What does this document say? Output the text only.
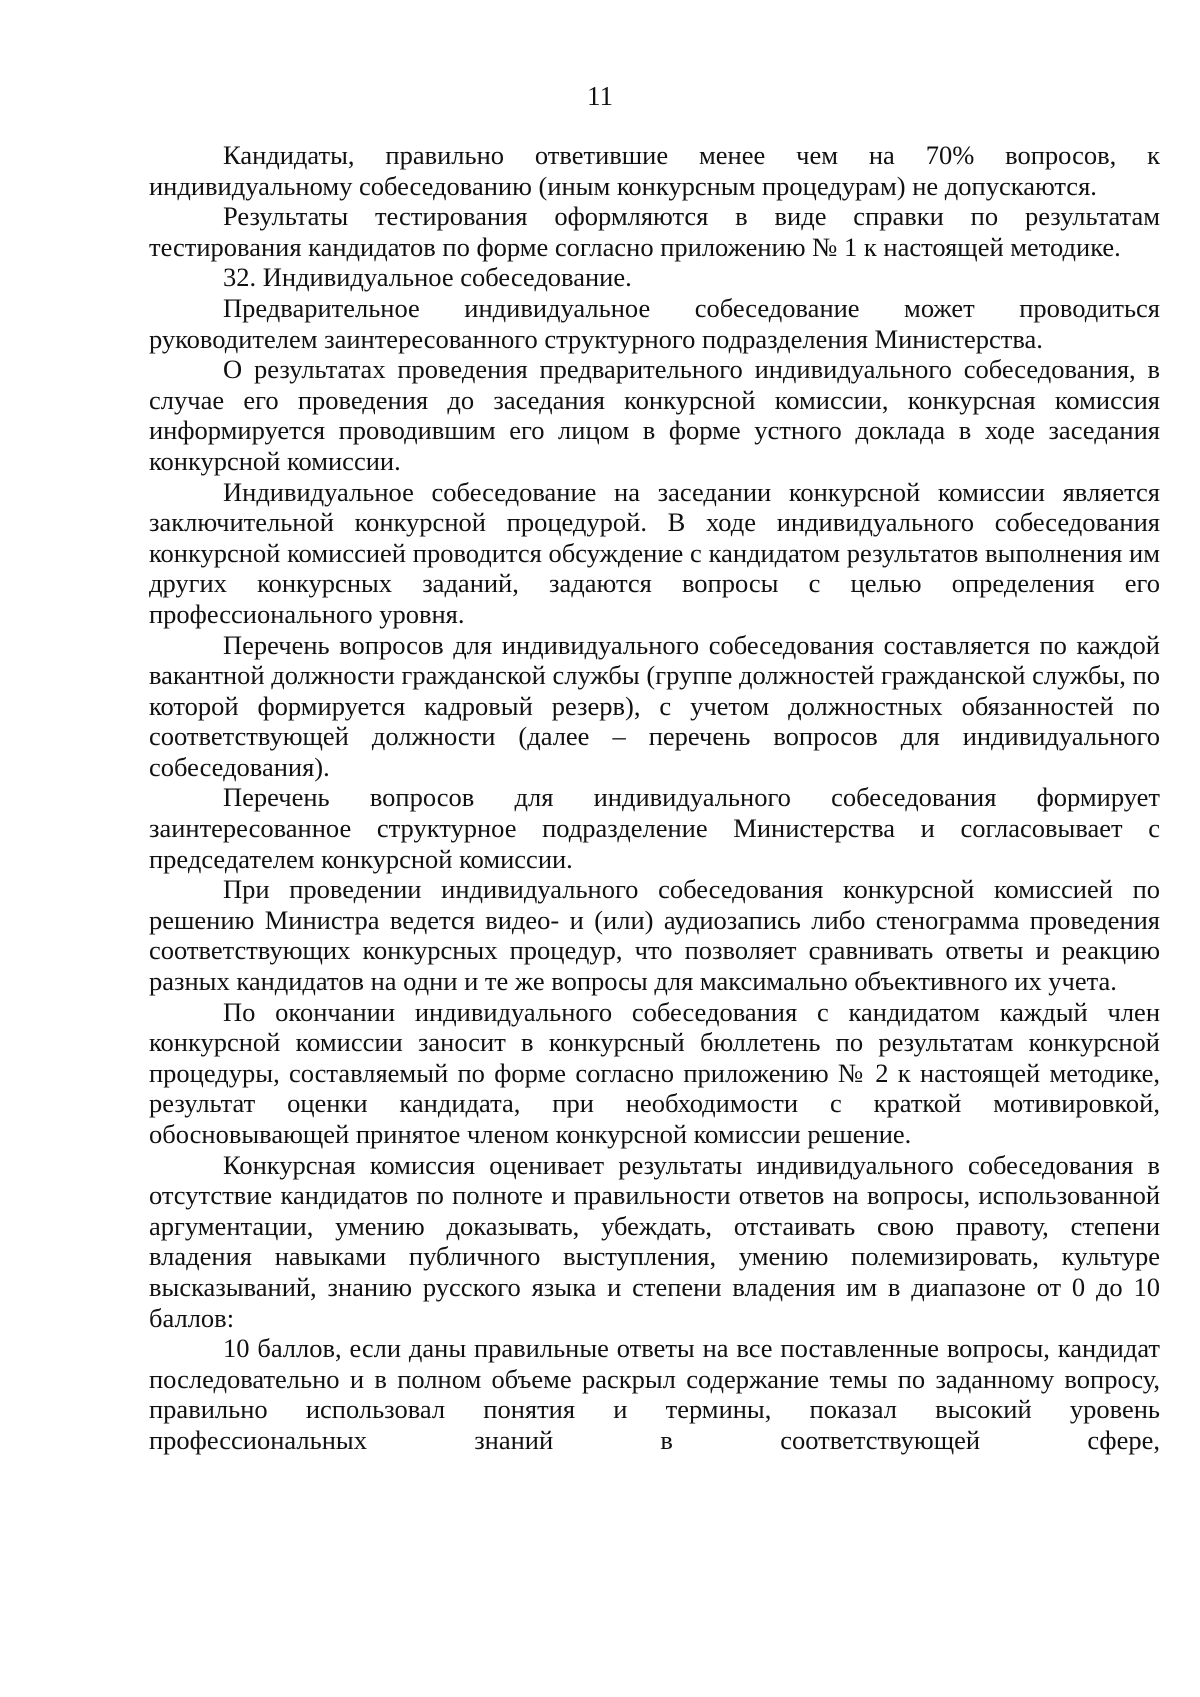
11

Кандидаты, правильно ответившие менее чем на 70% вопросов, к индивидуальному собеседованию (иным конкурсным процедурам) не допускаются.

Результаты тестирования оформляются в виде справки по результатам тестирования кандидатов по форме согласно приложению № 1 к настоящей методике.

32. Индивидуальное собеседование.

Предварительное индивидуальное собеседование может проводиться руководителем заинтересованного структурного подразделения Министерства.

О результатах проведения предварительного индивидуального собеседования, в случае его проведения до заседания конкурсной комиссии, конкурсная комиссия информируется проводившим его лицом в форме устного доклада в ходе заседания конкурсной комиссии.

Индивидуальное собеседование на заседании конкурсной комиссии является заключительной конкурсной процедурой. В ходе индивидуального собеседования конкурсной комиссией проводится обсуждение с кандидатом результатов выполнения им других конкурсных заданий, задаются вопросы с целью определения его профессионального уровня.

Перечень вопросов для индивидуального собеседования составляется по каждой вакантной должности гражданской службы (группе должностей гражданской службы, по которой формируется кадровый резерв), с учетом должностных обязанностей по соответствующей должности (далее – перечень вопросов для индивидуального собеседования).

Перечень вопросов для индивидуального собеседования формирует заинтересованное структурное подразделение Министерства и согласовывает с председателем конкурсной комиссии.

При проведении индивидуального собеседования конкурсной комиссией по решению Министра ведется видео- и (или) аудиозапись либо стенограмма проведения соответствующих конкурсных процедур, что позволяет сравнивать ответы и реакцию разных кандидатов на одни и те же вопросы для максимально объективного их учета.

По окончании индивидуального собеседования с кандидатом каждый член конкурсной комиссии заносит в конкурсный бюллетень по результатам конкурсной процедуры, составляемый по форме согласно приложению № 2 к настоящей методике, результат оценки кандидата, при необходимости с краткой мотивировкой, обосновывающей принятое членом конкурсной комиссии решение.

Конкурсная комиссия оценивает результаты индивидуального собеседования в отсутствие кандидатов по полноте и правильности ответов на вопросы, использованной аргументации, умению доказывать, убеждать, отстаивать свою правоту, степени владения навыками публичного выступления, умению полемизировать, культуре высказываний, знанию русского языка и степени владения им в диапазоне от 0 до 10 баллов:

10 баллов, если даны правильные ответы на все поставленные вопросы, кандидат последовательно и в полном объеме раскрыл содержание темы по заданному вопросу, правильно использовал понятия и термины, показал высокий уровень профессиональных знаний в соответствующей сфере,
